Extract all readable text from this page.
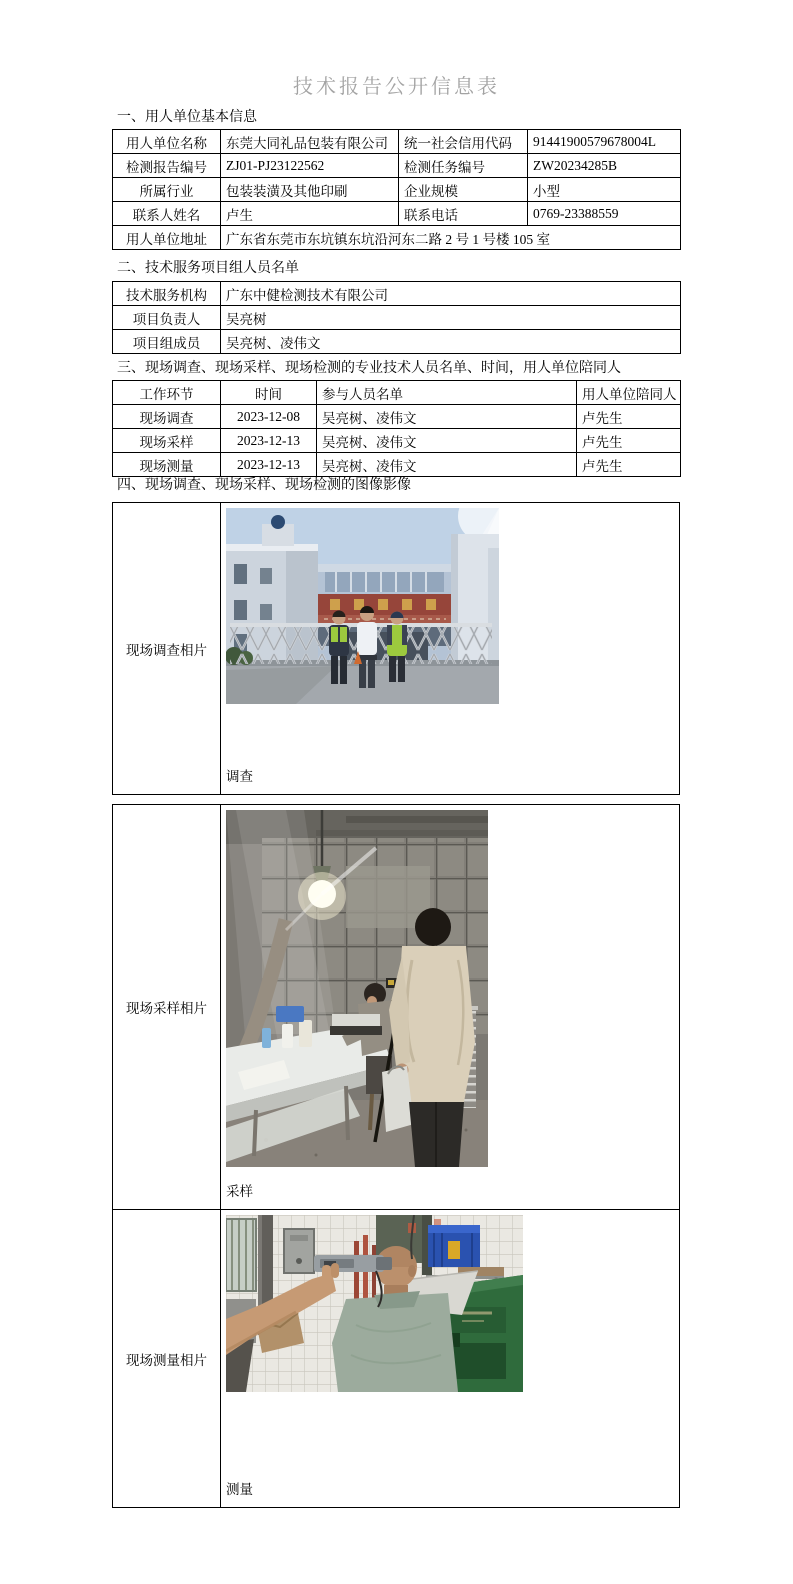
技术报告公开信息表
一、用人单位基本信息
用人单位名称	东莞大同礼品包装有限公司	统一社会信用代码	91441900579678004L
检测报告编号	ZJ01-PJ23122562	检测任务编号	ZW20234285B
所属行业	包装装潢及其他印刷	企业规模	小型
联系人姓名	卢生	联系电话	0769-23388559
用人单位地址	广东省东莞市东坑镇东坑沿河东二路 2 号 1 号楼 105 室		
二、技术服务项目组人员名单
技术服务机构	广东中健检测技术有限公司
项目负责人	吴亮树
项目组成员	吴亮树、凌伟文
三、现场调查、现场采样、现场检测的专业技术人员名单、时间，用人单位陪同人
工作环节	时间	参与人员名单	用人单位陪同人
现场调查	2023-12-08	吴亮树、凌伟文	卢先生
现场采样	2023-12-13	吴亮树、凌伟文	卢先生
现场测量	2023-12-13	吴亮树、凌伟文	卢先生
四、现场调查、现场采样、现场检测的图像影像
现场调查相片
调查
现场采样相片
采样
现场测量相片
测量
